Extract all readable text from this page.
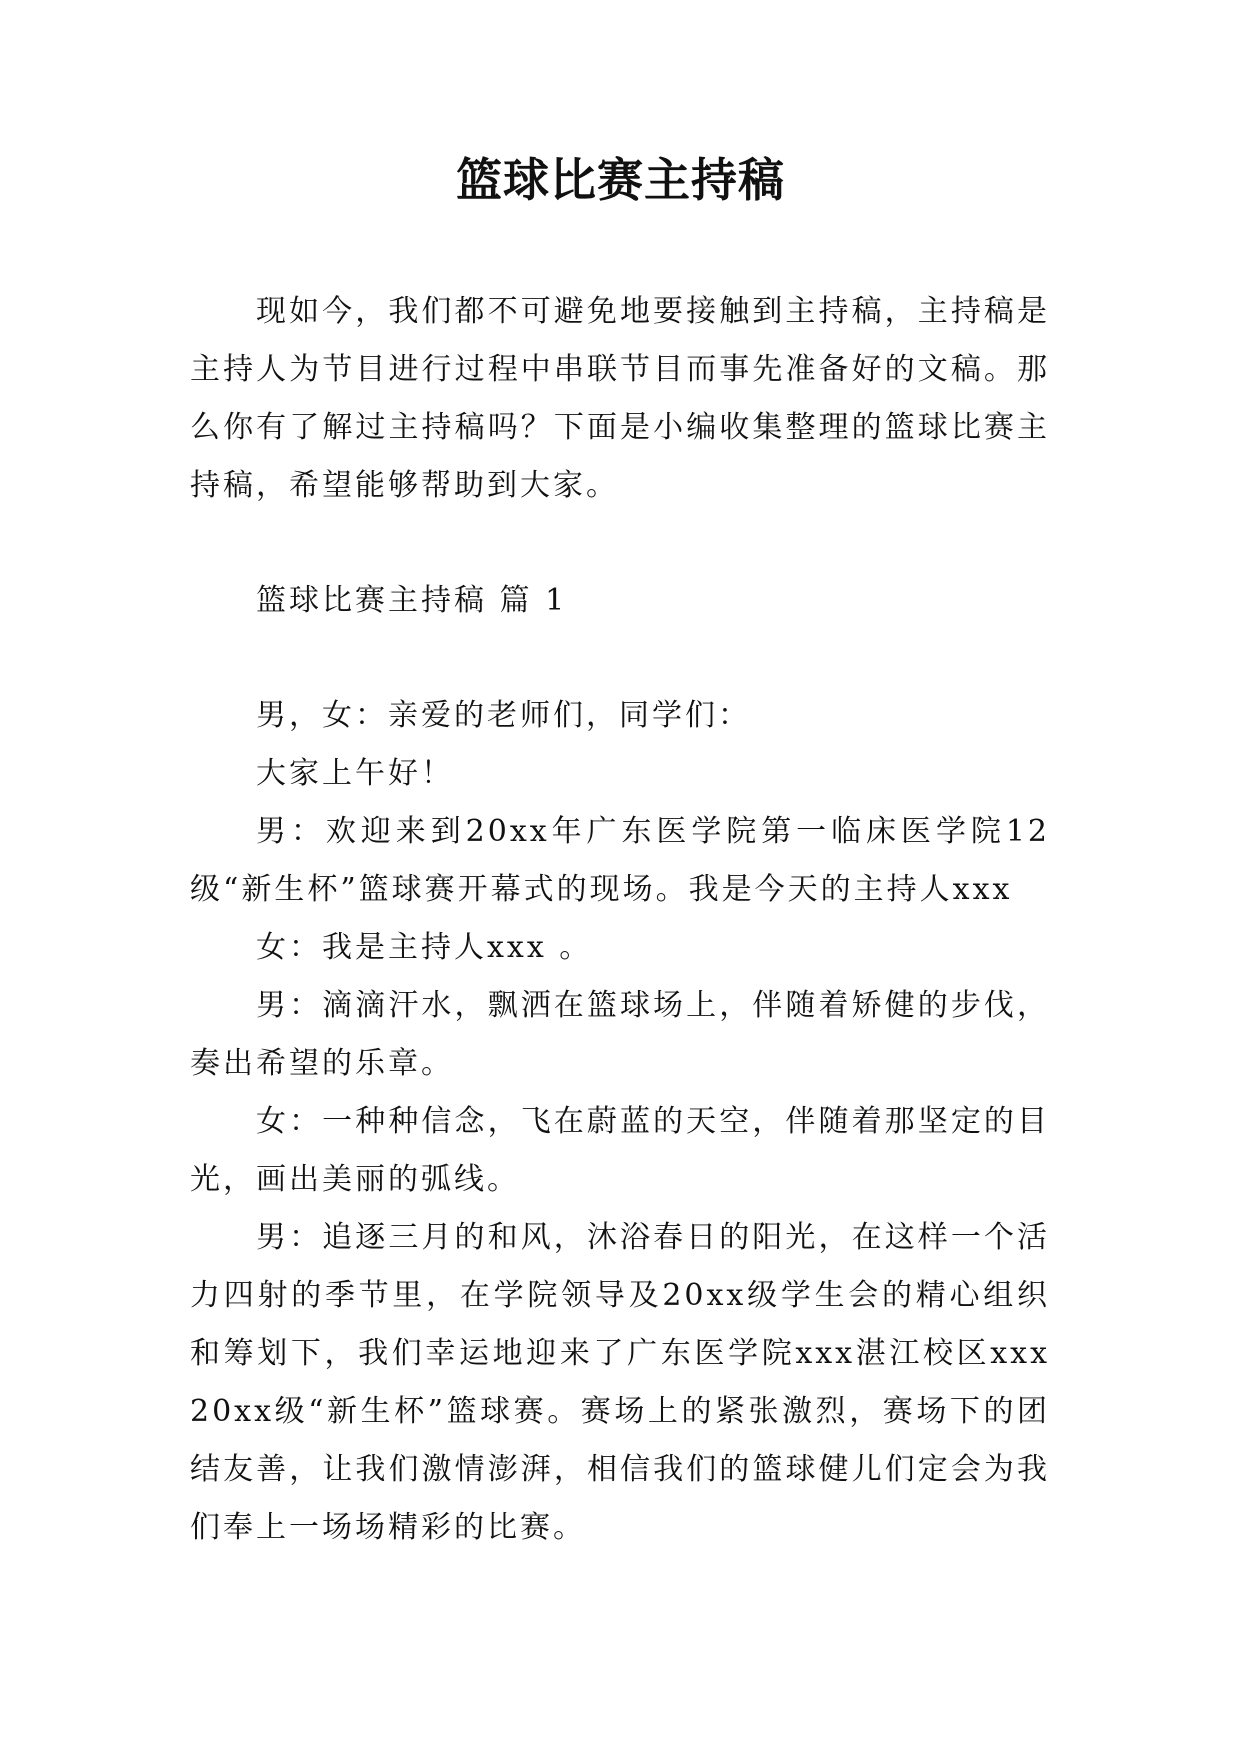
篮球比赛主持稿

现如今，我们都不可避免地要接触到主持稿，主持稿是主持人为节目进行过程中串联节目而事先准备好的文稿。那么你有了解过主持稿吗？下面是小编收集整理的篮球比赛主持稿，希望能够帮助到大家。

篮球比赛主持稿 篇 1

男，女：亲爱的老师们，同学们：

大家上午好！

男：欢迎来到20xx年广东医学院第一临床医学院12级“新生杯”篮球赛开幕式的现场。我是今天的主持人xxx

女：我是主持人xxx 。

男：滴滴汗水，飘洒在篮球场上，伴随着矫健的步伐，奏出希望的乐章。

女：一种种信念，飞在蔚蓝的天空，伴随着那坚定的目光，画出美丽的弧线。

男：追逐三月的和风，沐浴春日的阳光，在这样一个活力四射的季节里，在学院领导及20xx级学生会的精心组织和筹划下，我们幸运地迎来了广东医学院xxx湛江校区xxx20xx级“新生杯”篮球赛。赛场上的紧张激烈，赛场下的团结友善，让我们激情澎湃，相信我们的篮球健儿们定会为我们奉上一场场精彩的比赛。
